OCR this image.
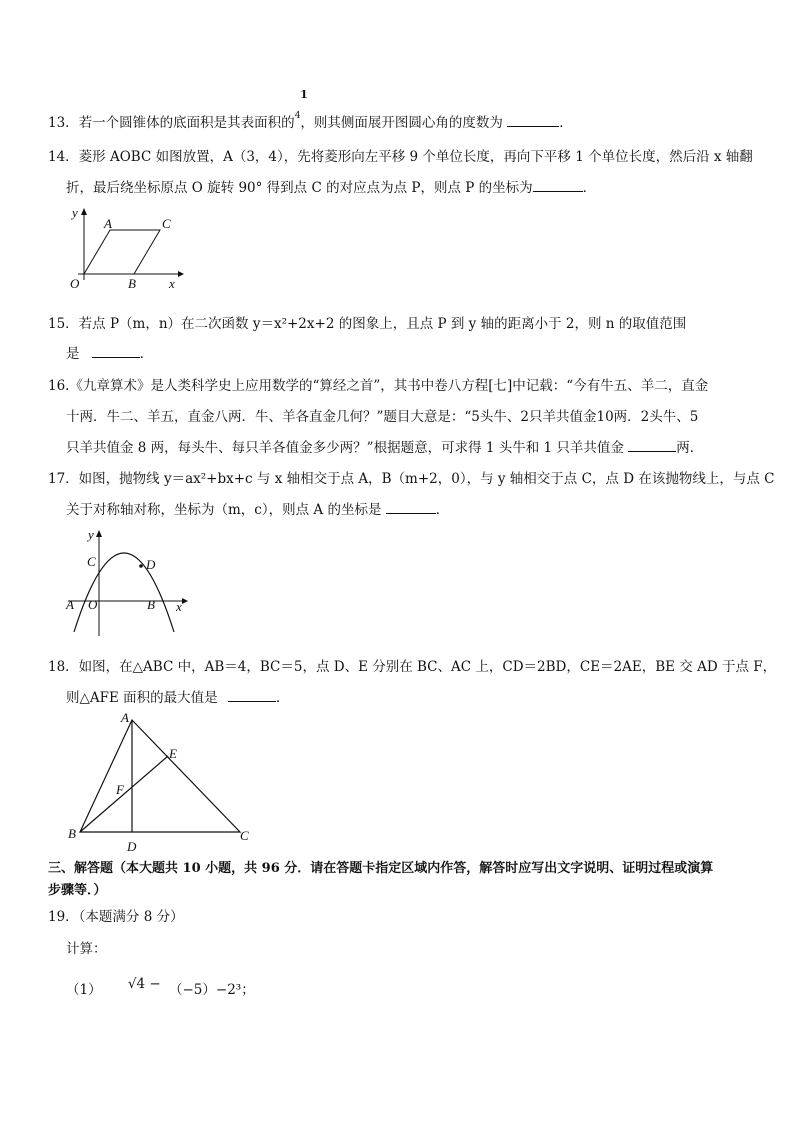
1
13．若一个圆锥体的底面积是其表面积的$^4$，则其侧面展开图圆心角的度数为	．
14．菱形 AOBC 如图放置，A（3，4），先将菱形向左平移 9 个单位长度，再向下平移 1 个单位长度，然后沿 x 轴翻
折，最后绕坐标原点 O 旋转 90° 得到点 C 的对应点为点 P，则点 P 的坐标为	．
y
x
O
A	C
B
15．若点 P（m，n）在二次函数 y＝x²+2x+2 的图象上，且点 P 到 y 轴的距离小于 2，则 n 的取值范围
是	．
16.《九章算术》是人类科学史上应用数学的“算经之首”，其书中卷八方程[七]中记载：“今有牛五、羊二，直金
十两．牛二、羊五，直金八两．牛、羊各直金几何？”题目大意是：“5头牛、2只羊共值金10两．2头牛、5
只羊共值金 8 两，每头牛、每只羊各值金多少两？”根据题意，可求得 1 头牛和 1 只羊共值金	两．
17．如图，抛物线 y＝ax²+bx+c 与 x 轴相交于点 A，B（m+2，0），与 y 轴相交于点 C，点 D 在该抛物线上，与点 C
关于对称轴对称，坐标为（m，c），则点 A 的坐标是	．
y
C	D
A O	B x
18．如图，在△ABC 中，AB＝4，BC＝5，点 D、E 分别在 BC、AC 上，CD＝2BD，CE＝2AE，BE 交 AD 于点 F，
则△AFE 面积的最大值是	．
A
E
F
B
D
C
三、解答题（本大题共 10 小题，共 96 分．请在答题卡指定区域内作答，解答时应写出文字说明、证明过程或演算
步骤等．）
19．（本题满分 8 分）
计算：
（1） √4 − （−5）−2³；
